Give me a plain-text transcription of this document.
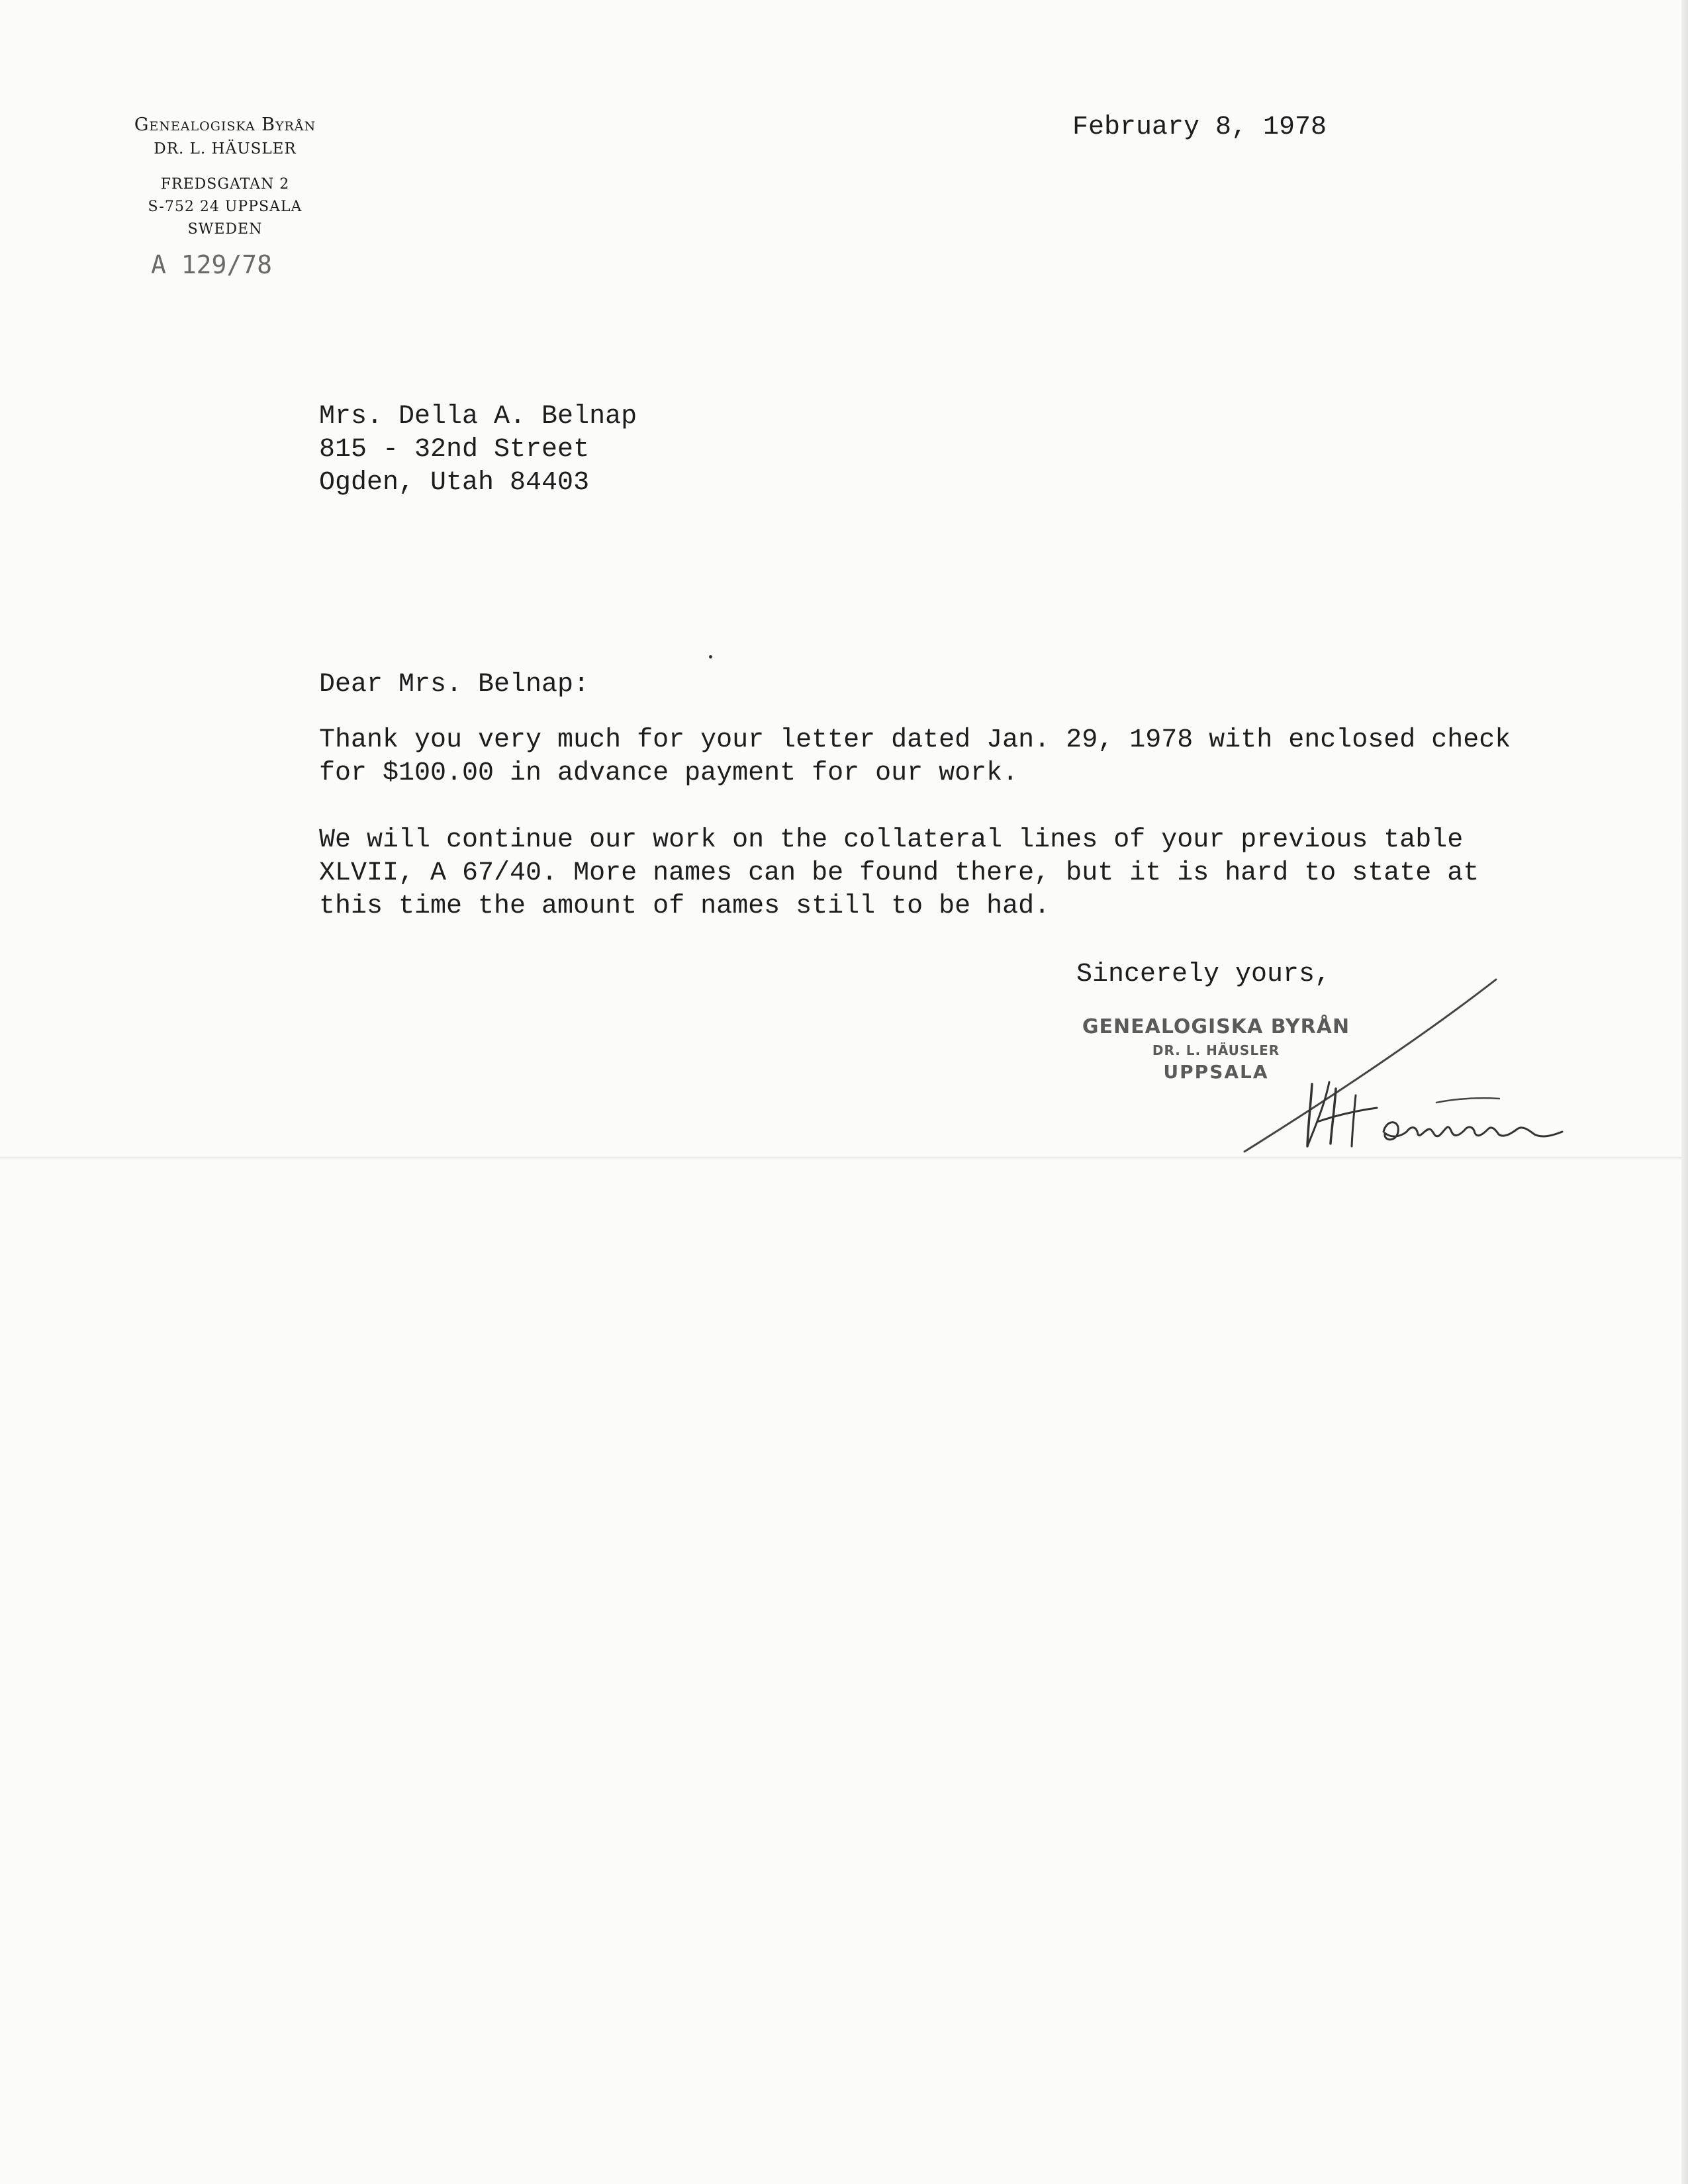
Genealogiska Byrån
DR. L. HÄUSLER
FREDSGATAN 2
S-752 24 UPPSALA
SWEDEN
A 129/78
February 8, 1978
Mrs. Della A. Belnap
815 - 32nd Street
Ogden, Utah 84403
Dear Mrs. Belnap:
Thank you very much for your letter dated Jan. 29, 1978 with enclosed check
for $100.00 in advance payment for our work.
We will continue our work on the collateral lines of your previous table
XLVII, A 67/40. More names can be found there, but it is hard to state at
this time the amount of names still to be had.
Sincerely yours,
GENEALOGISKA BYRÅN
DR. L. HÄUSLER
UPPSALA
